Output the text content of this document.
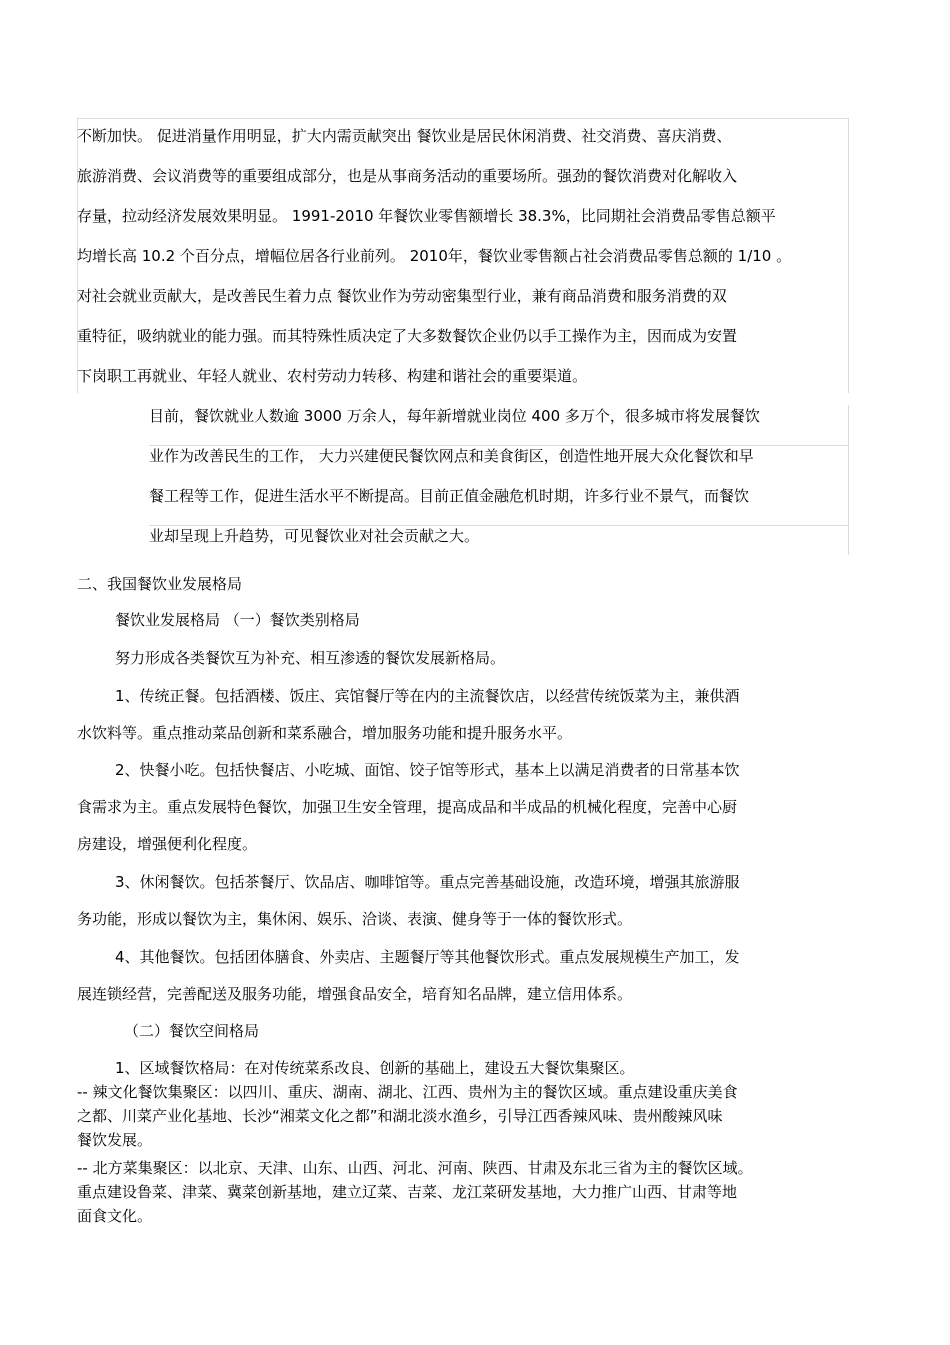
不断加快。 促进消量作用明显，扩大内需贡献突出 餐饮业是居民休闲消费、社交消费、喜庆消费、
旅游消费、会议消费等的重要组成部分，也是从事商务活动的重要场所。强劲的餐饮消费对化解收入
存量，拉动经济发展效果明显。 1991-2010 年餐饮业零售额增长 38.3%，比同期社会消费品零售总额平
均增长高 10.2 个百分点，增幅位居各行业前列。 2010年，餐饮业零售额占社会消费品零售总额的 1/10 。
对社会就业贡献大，是改善民生着力点 餐饮业作为劳动密集型行业，兼有商品消费和服务消费的双
重特征，吸纳就业的能力强。而其特殊性质决定了大多数餐饮企业仍以手工操作为主，因而成为安置
下岗职工再就业、年轻人就业、农村劳动力转移、构建和谐社会的重要渠道。
目前，餐饮就业人数逾 3000 万余人，每年新增就业岗位 400 多万个，很多城市将发展餐饮
业作为改善民生的工作， 大力兴建便民餐饮网点和美食街区，创造性地开展大众化餐饮和早
餐工程等工作，促进生活水平不断提高。目前正值金融危机时期，许多行业不景气，而餐饮
业却呈现上升趋势，可见餐饮业对社会贡献之大。
二、我国餐饮业发展格局
餐饮业发展格局 （一）餐饮类别格局
努力形成各类餐饮互为补充、相互渗透的餐饮发展新格局。
1、传统正餐。包括酒楼、饭庄、宾馆餐厅等在内的主流餐饮店，以经营传统饭菜为主，兼供酒
水饮料等。重点推动菜品创新和菜系融合，增加服务功能和提升服务水平。
2、快餐小吃。包括快餐店、小吃城、面馆、饺子馆等形式，基本上以满足消费者的日常基本饮
食需求为主。重点发展特色餐饮，加强卫生安全管理，提高成品和半成品的机械化程度，完善中心厨
房建设，增强便利化程度。
3、休闲餐饮。包括茶餐厅、饮品店、咖啡馆等。重点完善基础设施，改造环境，增强其旅游服
务功能，形成以餐饮为主，集休闲、娱乐、洽谈、表演、健身等于一体的餐饮形式。
4、其他餐饮。包括团体膳食、外卖店、主题餐厅等其他餐饮形式。重点发展规模生产加工，发
展连锁经营，完善配送及服务功能，增强食品安全，培育知名品牌，建立信用体系。
（二）餐饮空间格局
1、区域餐饮格局：在对传统菜系改良、创新的基础上，建设五大餐饮集聚区。
-- 辣文化餐饮集聚区：以四川、重庆、湖南、湖北、江西、贵州为主的餐饮区域。重点建设重庆美食
之都、川菜产业化基地、长沙“湘菜文化之都”和湖北淡水渔乡，引导江西香辣风味、贵州酸辣风味
餐饮发展。
-- 北方菜集聚区：以北京、天津、山东、山西、河北、河南、陕西、甘肃及东北三省为主的餐饮区域。
重点建设鲁菜、津菜、冀菜创新基地，建立辽菜、吉菜、龙江菜研发基地，大力推广山西、甘肃等地
面食文化。
